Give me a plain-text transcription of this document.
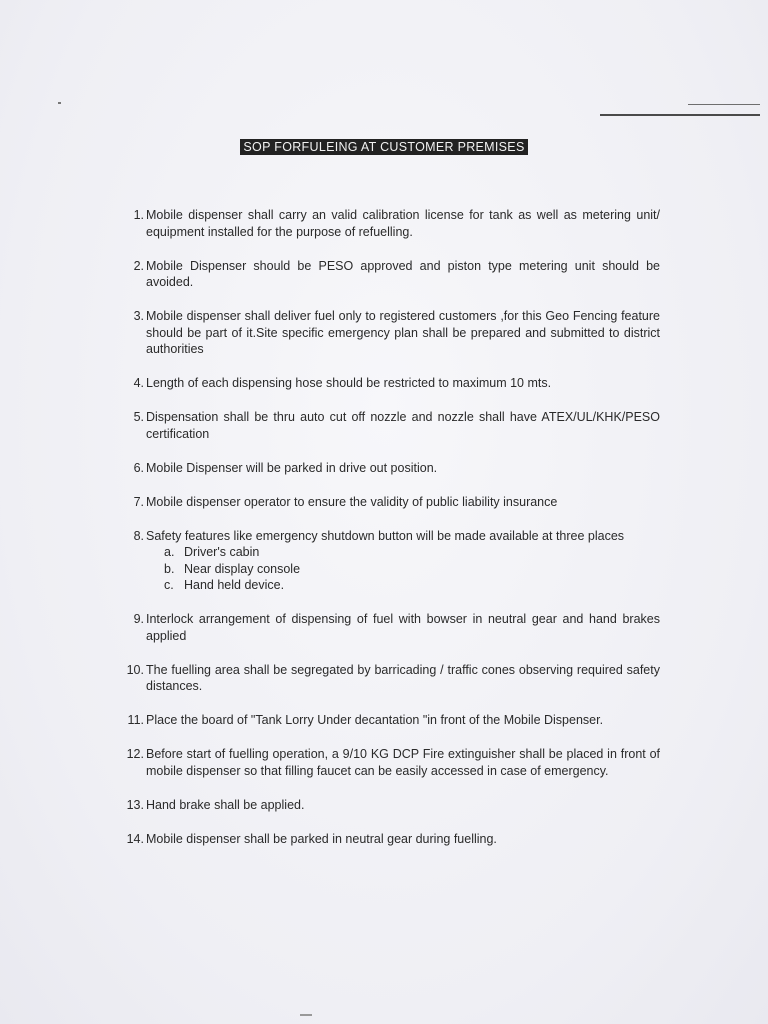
SOP FORFULEING AT CUSTOMER PREMISES
1. Mobile dispenser shall carry an valid calibration license for tank as well as metering unit/ equipment installed for the purpose of refuelling.
2. Mobile Dispenser should be PESO approved and piston type metering unit should be avoided.
3. Mobile dispenser shall deliver fuel only to registered customers ,for this Geo Fencing feature should be part of it.Site specific emergency plan shall be prepared and submitted to district authorities
4. Length of each dispensing hose should be restricted to maximum 10 mts.
5. Dispensation shall be thru auto cut off nozzle and nozzle shall have ATEX/UL/KHK/PESO certification
6. Mobile Dispenser will be parked in drive out position.
7. Mobile dispenser operator to ensure the validity of public liability insurance
8. Safety features like emergency shutdown button will be made available at three places
a. Driver's cabin
b. Near display console
c. Hand held device.
9. Interlock arrangement of dispensing of fuel with bowser in neutral gear and hand brakes applied
10. The fuelling area shall be segregated by barricading / traffic cones observing required safety distances.
11. Place the board of "Tank Lorry Under decantation "in front of the Mobile Dispenser.
12. Before start of fuelling operation, a 9/10 KG DCP Fire extinguisher shall be placed in front of mobile dispenser so that filling faucet can be easily accessed in case of emergency.
13. Hand brake shall be applied.
14. Mobile dispenser shall be parked in neutral gear during fuelling.
